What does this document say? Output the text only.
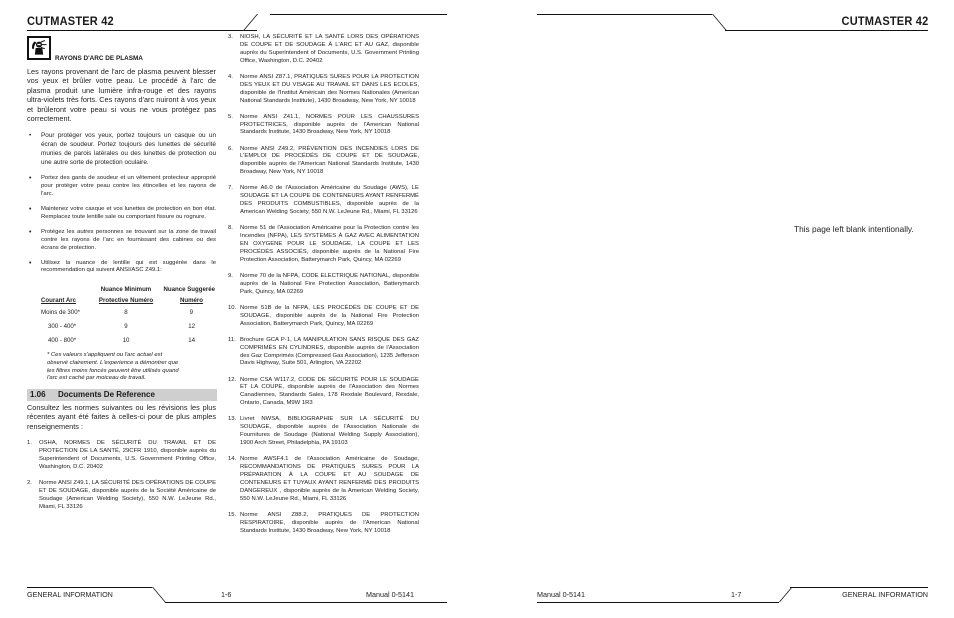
CUTMASTER 42
RAYONS D'ARC DE PLASMA

Les rayons provenant de l'arc de plasma peuvent blesser vos yeux et brûler votre peau. Le procédé à l'arc de plasma produit une lumière infra-rouge et des rayons ultra-violets très forts. Ces rayons d'arc nuiront à vos yeux et brûleront votre peau si vous ne vous protégez pas correctement.

• Pour protéger vos yeux, portez toujours un casque ou un écran de soudeur. Portez toujours des lunettes de sécurité munies de parois latérales ou des lunettes de protection ou une autre sorte de protection oculaire.
• Portez des gants de soudeur et un vêtement protecteur approprié pour protéger votre peau contre les étincelles et les rayons de l'arc.
• Maintenez votre casque et vos lunettes de protection en bon état. Remplacez toute lentille sale ou comportant fissure ou rognure.
• Protégez les autres personnes se trouvant sur la zone de travail contre les rayons de l'arc en fournissant des cabines ou des écrans de protection.
• Utilisez la nuance de lentille qui est suggérée dans le recommendation qui suivent ANSI/ASC Z49.1:
	Nuance Minimum	Nuance Suggerée
Courant Arc	Protective Numéro	Numéro
Moins de 300*	8	9
300 - 400*	9	12
400 - 800*	10	14

* Ces valeurs s'appliquent ou l'arc actuel est observé clairement. L'experience a démontrer que les filtres moins foncés peuvent être utilisés quand l'arc est caché par moiceau de travail.

1.06 Documents De Reference

Consultez les normes suivantes ou les révisions les plus récentes ayant été faites à celles-ci pour de plus amples renseignements :

1. OSHA, NORMES DE SÉCURITÉ DU TRAVAIL ET DE PROTECTION DE LA SANTÉ, 29CFR 1910, disponible auprès du Superintendent of Documents, U.S. Government Printing Office, Washington, D.C. 20402
2. Norme ANSI Z49.1, LA SÉCURITÉ DES OPÉRATIONS DE COUPE ET DE SOUDAGE, disponible auprès de la Société Américaine de Soudage (American Welding Society), 550 N.W. LeJeune Rd., Miami, FL 33126
3. NIOSH, LA SÉCURITÉ ET LA SANTÉ LORS DES OPÉRATIONS DE COUPE ET DE SOUDAGE À L'ARC ET AU GAZ, disponible auprès du Superintendent of Documents, U.S. Government Printing Office, Washington, D.C. 20402
4. Norme ANSI Z87.1, PRATIQUES SURES POUR LA PROTECTION DES YEUX ET DU VISAGE AU TRAVAIL ET DANS LES ECOLES, disponible de l'Institut Américain des Normes Nationales (American National Standards Institute), 1430 Broadway, New York, NY 10018
5. Norme ANSI Z41.1, NORMES POUR LES CHAUSSURES PROTECTRICES, disponible auprès de l'American National Standards Institute, 1430 Broadway, New York, NY 10018
6. Norme ANSI Z49.2, PRÉVENTION DES INCENDIES LORS DE L'EMPLOI DE PROCÉDÉS DE COUPE ET DE SOUDAGE, disponible auprès de l'American National Standards Institute, 1430 Broadway, New York, NY 10018
7. Norme A6.0 de l'Association Américaine du Soudage (AWS), LE SOUDAGE ET LA COUPE DE CONTENEURS AYANT RENFERMÉ DES PRODUITS COMBUSTIBLES, disponible auprès de la American Welding Society, 550 N.W. LeJeune Rd., Miami, FL 33126
8. Norme 51 de l'Association Américaine pour la Protection contre les Incendies (NFPA), LES SYSTEMES À GAZ AVEC ALIMENTATION EN OXYGENE POUR LE SOUDAGE, LA COUPE ET LES PROCÉDÉS ASSOCIÉS, disponible auprès de la National Fire Protection Association, Batterymarch Park, Quincy, MA 02269
9. Norme 70 de la NFPA, CODE ELECTRIQUE NATIONAL, disponible auprès de la National Fire Protection Association, Batterymarch Park, Quincy, MA 02269
10. Norme 51B de la NFPA, LES PROCÉDÉS DE COUPE ET DE SOUDAGE, disponible auprès de la National Fire Protection Association, Batterymarch Park, Quincy, MA 02269
11. Brochure GCA P-1, LA MANIPULATION SANS RISQUE DES GAZ COMPRIMÉS EN CYLINDRES, disponible auprès de l'Association des Gaz Comprimés (Compressed Gas Association), 1235 Jefferson Davis Highway, Suite 501, Arlington, VA 22202
12. Norme CSA W117.2, CODE DE SÉCURITÉ POUR LE SOUDAGE ET LA COUPE, disponible auprès de l'Association des Normes Canadiennes, Standards Sales, 178 Rexdale Boulevard, Rexdale, Ontario, Canada, M9W 1R3
13. Livret NWSA, BIBLIOGRAPHIE SUR LA SÉCURITÉ DU SOUDAGE, disponible auprès de l'Association Nationale de Fournitures de Soudage (National Welding Supply Association), 1900 Arch Street, Philadelphia, PA 19103
14. Norme AWSF4.1 de l'Association Américaine de Soudage, RECOMMANDATIONS DE PRATIQUES SURES POUR LA PRÉPARATION À LA COUPE ET AU SOUDAGE DE CONTENEURS ET TUYAUX AYANT RENFERMÉ DES PRODUITS DANGEREUX , disponible auprès de la American Welding Society, 550 N.W. LeJeune Rd., Miami, FL 33126
15. Norme ANSI Z88.2, PRATIQUES DE PROTECTION RESPIRATOIRE, disponible auprès de l'American National Standards Institute, 1430 Broadway, New York, NY 10018
GENERAL INFORMATION	1-6	Manual 0-5141
CUTMASTER 42
This page left blank intentionally.
Manual 0-5141	1-7	GENERAL INFORMATION
